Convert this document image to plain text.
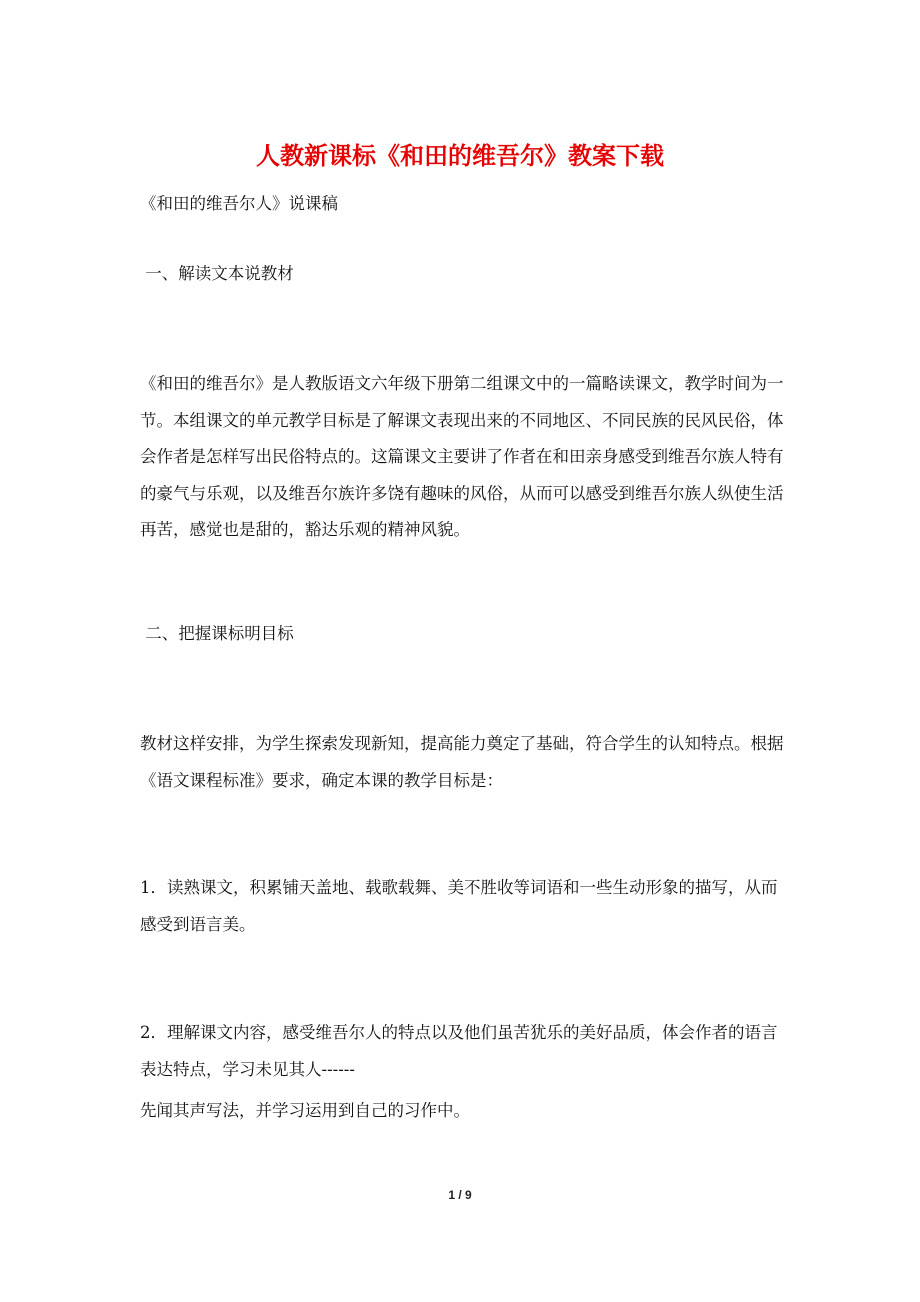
人教新课标《和田的维吾尔》教案下载

《和田的维吾尔人》说课稿

一、解读文本说教材

《和田的维吾尔》是人教版语文六年级下册第二组课文中的一篇略读课文，教学时间为一节。本组课文的单元教学目标是了解课文表现出来的不同地区、不同民族的民风民俗，体会作者是怎样写出民俗特点的。这篇课文主要讲了作者在和田亲身感受到维吾尔族人特有的豪气与乐观，以及维吾尔族许多饶有趣味的风俗，从而可以感受到维吾尔族人纵使生活再苦，感觉也是甜的，豁达乐观的精神风貌。

二、把握课标明目标

教材这样安排，为学生探索发现新知，提高能力奠定了基础，符合学生的认知特点。根据《语文课程标准》要求，确定本课的教学目标是：

1．读熟课文，积累铺天盖地、载歌载舞、美不胜收等词语和一些生动形象的描写，从而感受到语言美。

2．理解课文内容，感受维吾尔人的特点以及他们虽苦犹乐的美好品质，体会作者的语言表达特点，学习未见其人------

先闻其声写法，并学习运用到自己的习作中。

1 / 9
